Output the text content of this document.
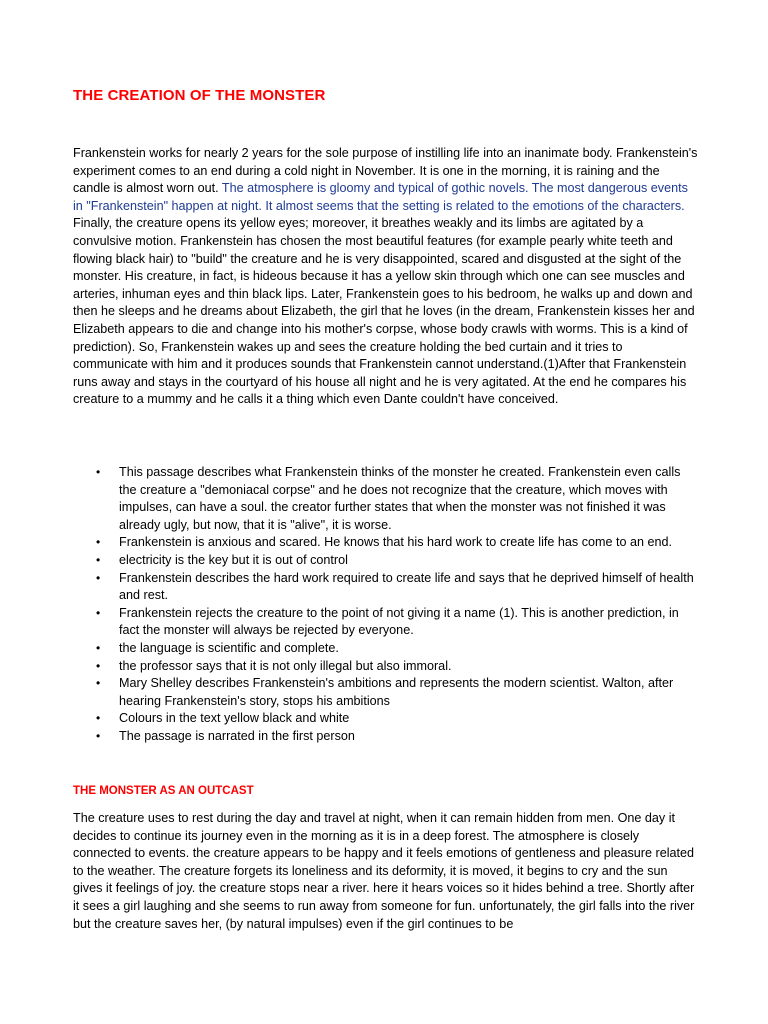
THE CREATION OF THE MONSTER

Frankenstein works for nearly 2 years for the sole purpose of instilling life into an inanimate body. Frankenstein's experiment comes to an end during a cold night in November. It is one in the morning, it is raining and the candle is almost worn out. The atmosphere is gloomy and typical of gothic novels. The most dangerous events in "Frankenstein" happen at night. It almost seems that the setting is related to the emotions of the characters. Finally, the creature opens its yellow eyes; moreover, it breathes weakly and its limbs are agitated by a convulsive motion. Frankenstein has chosen the most beautiful features (for example pearly white teeth and flowing black hair) to "build" the creature and he is very disappointed, scared and disgusted at the sight of the monster. His creature, in fact, is hideous because it has a yellow skin through which one can see muscles and arteries, inhuman eyes and thin black lips. Later, Frankenstein goes to his bedroom, he walks up and down and then he sleeps and he dreams about Elizabeth, the girl that he loves (in the dream, Frankenstein kisses her and Elizabeth appears to die and change into his mother's corpse, whose body crawls with worms. This is a kind of prediction). So, Frankenstein wakes up and sees the creature holding the bed curtain and it tries to communicate with him and it produces sounds that Frankenstein cannot understand.(1)After that Frankenstein runs away and stays in the courtyard of his house all night and he is very agitated. At the end he compares his creature to a mummy and he calls it a thing which even Dante couldn't have conceived.

• This passage describes what Frankenstein thinks of the monster he created. Frankenstein even calls the creature a "demoniacal corpse" and he does not recognize that the creature, which moves with impulses, can have a soul. the creator further states that when the monster was not finished it was already ugly, but now, that it is "alive", it is worse.
• Frankenstein is anxious and scared. He knows that his hard work to create life has come to an end.
• electricity is the key but it is out of control
• Frankenstein describes the hard work required to create life and says that he deprived himself of health and rest.
• Frankenstein rejects the creature to the point of not giving it a name (1). This is another prediction, in fact the monster will always be rejected by everyone.
• the language is scientific and complete.
• the professor says that it is not only illegal but also immoral.
• Mary Shelley describes Frankenstein's ambitions and represents the modern scientist. Walton, after hearing Frankenstein's story, stops his ambitions
• Colours in the text yellow black and white
• The passage is narrated in the first person
THE MONSTER AS AN OUTCAST

The creature uses to rest during the day and travel at night, when it can remain hidden from men. One day it decides to continue its journey even in the morning as it is in a deep forest. The atmosphere is closely connected to events. the creature appears to be happy and it feels emotions of gentleness and pleasure related to the weather. The creature forgets its loneliness and its deformity, it is moved, it begins to cry and the sun gives it feelings of joy. the creature stops near a river. here it hears voices so it hides behind a tree. Shortly after it sees a girl laughing and she seems to run away from someone for fun. unfortunately, the girl falls into the river but the creature saves her, (by natural impulses) even if the girl continues to be
